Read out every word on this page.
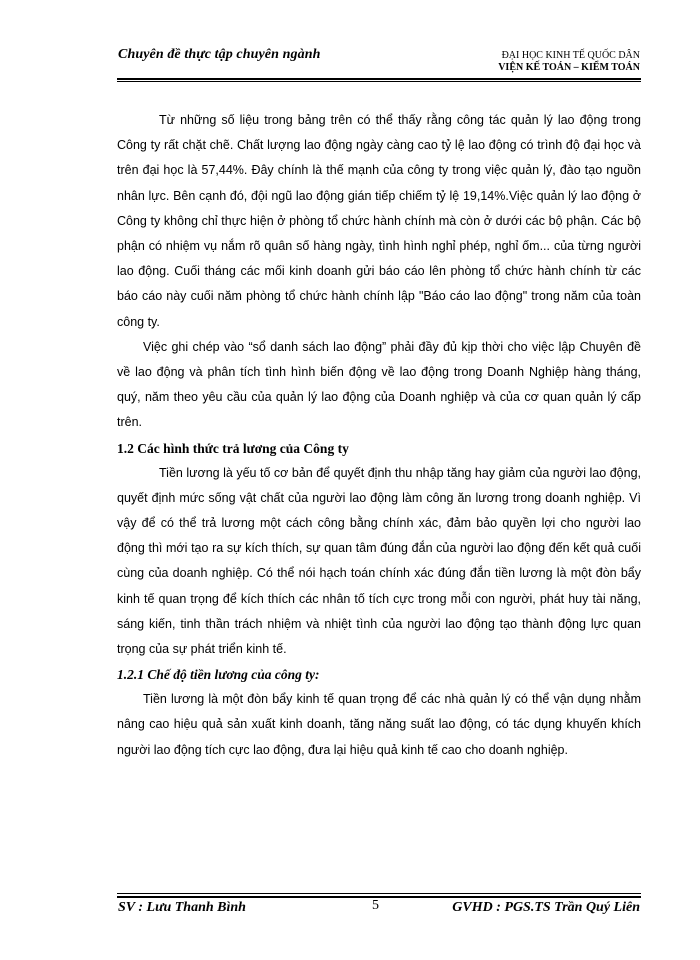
Chuyên đề thực tập chuyên ngành	ĐẠI HỌC KINH TẾ QUỐC DÂN
VIỆN KẾ TOÁN – KIỂM TOÁN

Từ những số liệu trong bảng trên có thể thấy rằng công tác quản lý lao động trong Công ty rất chặt chẽ. Chất lượng lao động ngày càng cao tỷ lệ lao động có trình độ đại học và trên đại học là 57,44%. Đây chính là thế mạnh của công ty trong việc quản lý, đào tạo nguồn nhân lực. Bên cạnh đó, đội ngũ lao động gián tiếp chiếm tỷ lệ 19,14%.Việc quản lý lao động ở Công ty không chỉ thực hiện ở phòng tổ chức hành chính mà còn ở dưới các bộ phận. Các bộ phận có nhiệm vụ nắm rõ quân số hàng ngày, tình hình nghỉ phép, nghỉ ốm... của từng người lao động. Cuối tháng các mối kinh doanh gửi báo cáo lên phòng tổ chức hành chính từ các báo cáo này cuối năm phòng tổ chức hành chính lập "Báo cáo lao động" trong năm của toàn công ty.

Việc ghi chép vào “sổ danh sách lao động” phải đầy đủ kịp thời cho việc lập Chuyên đề về lao động và phân tích tình hình biến động về lao động trong Doanh Nghiệp hàng tháng, quý, năm theo yêu cầu của quản lý lao động của Doanh nghiệp và của cơ quan quản lý cấp trên.

1.2 Các hình thức trả lương của Công ty

Tiền lương là yếu tố cơ bản để quyết định thu nhập tăng hay giảm của người lao động, quyết định mức sống vật chất của người lao động làm công ăn lương trong doanh nghiệp. Vì vậy để có thể trả lương một cách công bằng chính xác, đảm bảo quyền lợi cho người lao động thì mới tạo ra sự kích thích, sự quan tâm đúng đắn của người lao động đến kết quả cuối cùng của doanh nghiệp. Có thể nói hạch toán chính xác đúng đắn tiền lương là một đòn bẩy kinh tế quan trọng để kích thích các nhân tố tích cực trong mỗi con người, phát huy tài năng, sáng kiến, tinh thần trách nhiệm và nhiệt tình của người lao động tạo thành động lực quan trọng của sự phát triển kinh tế.

1.2.1 Chế độ tiền lương của công ty:

Tiền lương là một đòn bẩy kinh tế quan trọng để các nhà quản lý có thể vận dụng nhằm nâng cao hiệu quả sản xuất kinh doanh, tăng năng suất lao động, có tác dụng khuyến khích người lao động tích cực lao động, đưa lại hiệu quả kinh tế cao cho doanh nghiệp.

SV : Lưu Thanh Bình	5	GVHD : PGS.TS Trần Quý Liên
